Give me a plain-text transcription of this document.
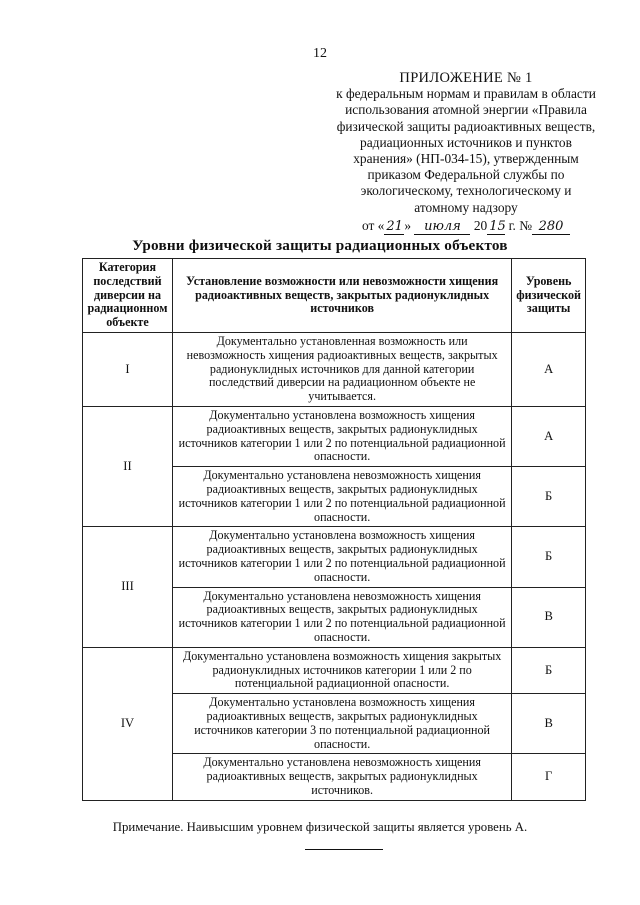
12
ПРИЛОЖЕНИЕ № 1
к федеральным нормам и правилам в области
использования атомной энергии «Правила
физической защиты радиоактивных веществ,
радиационных источников и пунктов
хранения» (НП-034-15), утвержденным
приказом Федеральной службы по
экологическому, технологическому и
атомному надзору
от « 21» июля 20 15 г. № 280
Уровни физической защиты радиационных объектов
Категория последствий диверсии на радиационном объекте	Установление возможности или невозможности хищения радиоактивных веществ, закрытых радионуклидных источников	Уровень физической защиты
I	Документально установленная возможность или невозможность хищения радиоактивных веществ, закрытых радионуклидных источников для данной категории последствий диверсии на радиационном объекте не учитывается.	А
II	Документально установлена возможность хищения радиоактивных веществ, закрытых радионуклидных источников категории 1 или 2 по потенциальной радиационной опасности.	А
	Документально установлена невозможность хищения радиоактивных веществ, закрытых радионуклидных источников категории 1 или 2 по потенциальной радиационной опасности.	Б
III	Документально установлена возможность хищения радиоактивных веществ, закрытых радионуклидных источников категории 1 или 2 по потенциальной радиационной опасности.	Б
	Документально установлена невозможность хищения радиоактивных веществ, закрытых радионуклидных источников категории 1 или 2 по потенциальной радиационной опасности.	В
IV	Документально установлена возможность хищения закрытых радионуклидных источников категории 1 или 2 по потенциальной радиационной опасности.	Б
	Документально установлена возможность хищения радиоактивных веществ, закрытых радионуклидных источников категории 3 по потенциальной радиационной опасности.	В
	Документально установлена невозможность хищения радиоактивных веществ, закрытых радионуклидных источников.	Г
Примечание. Наивысшим уровнем физической защиты является уровень А.
